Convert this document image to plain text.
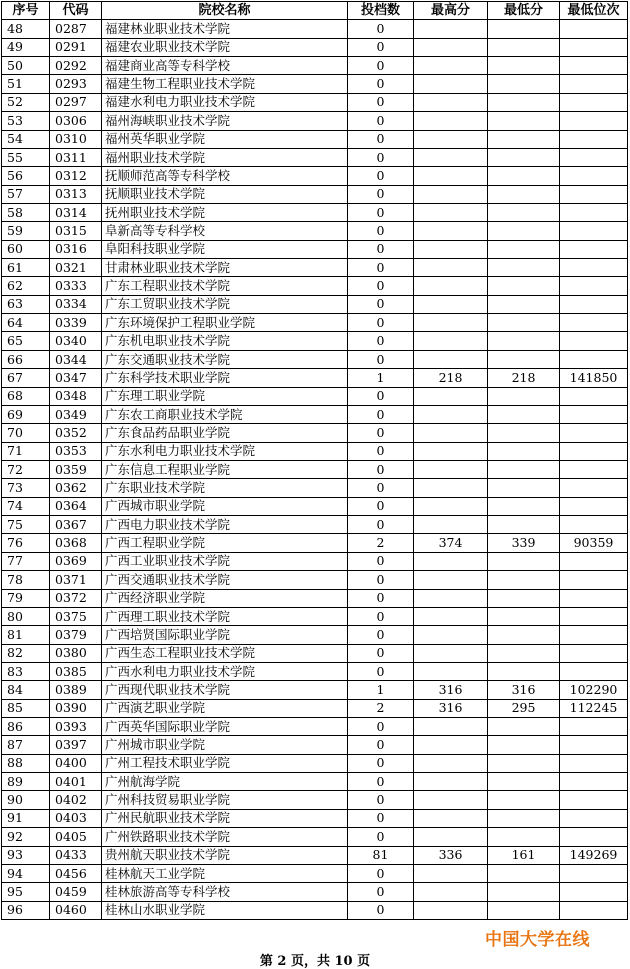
序号	代码	院校名称	投档数	最高分	最低分	最低位次
48	0287	福建林业职业技术学院	0			
49	0291	福建农业职业技术学院	0			
50	0292	福建商业高等专科学校	0			
51	0293	福建生物工程职业技术学院	0			
52	0297	福建水利电力职业技术学院	0			
53	0306	福州海峡职业技术学院	0			
54	0310	福州英华职业学院	0			
55	0311	福州职业技术学院	0			
56	0312	抚顺师范高等专科学校	0			
57	0313	抚顺职业技术学院	0			
58	0314	抚州职业技术学院	0			
59	0315	阜新高等专科学校	0			
60	0316	阜阳科技职业学院	0			
61	0321	甘肃林业职业技术学院	0			
62	0333	广东工程职业技术学院	0			
63	0334	广东工贸职业技术学院	0			
64	0339	广东环境保护工程职业学院	0			
65	0340	广东机电职业技术学院	0			
66	0344	广东交通职业技术学院	0			
67	0347	广东科学技术职业学院	1	218	218	141850
68	0348	广东理工职业学院	0			
69	0349	广东农工商职业技术学院	0			
70	0352	广东食品药品职业学院	0			
71	0353	广东水利电力职业技术学院	0			
72	0359	广东信息工程职业学院	0			
73	0362	广东职业技术学院	0			
74	0364	广西城市职业学院	0			
75	0367	广西电力职业技术学院	0			
76	0368	广西工程职业学院	2	374	339	90359
77	0369	广西工业职业技术学院	0			
78	0371	广西交通职业技术学院	0			
79	0372	广西经济职业学院	0			
80	0375	广西理工职业技术学院	0			
81	0379	广西培贤国际职业学院	0			
82	0380	广西生态工程职业技术学院	0			
83	0385	广西水利电力职业技术学院	0			
84	0389	广西现代职业技术学院	1	316	316	102290
85	0390	广西演艺职业学院	2	316	295	112245
86	0393	广西英华国际职业学院	0			
87	0397	广州城市职业学院	0			
88	0400	广州工程技术职业学院	0			
89	0401	广州航海学院	0			
90	0402	广州科技贸易职业学院	0			
91	0403	广州民航职业技术学院	0			
92	0405	广州铁路职业技术学院	0			
93	0433	贵州航天职业技术学院	81	336	161	149269
94	0456	桂林航天工业学院	0			
95	0459	桂林旅游高等专科学校	0			
96	0460	桂林山水职业学院	0			
中国大学在线
第 2 页，共 10 页
